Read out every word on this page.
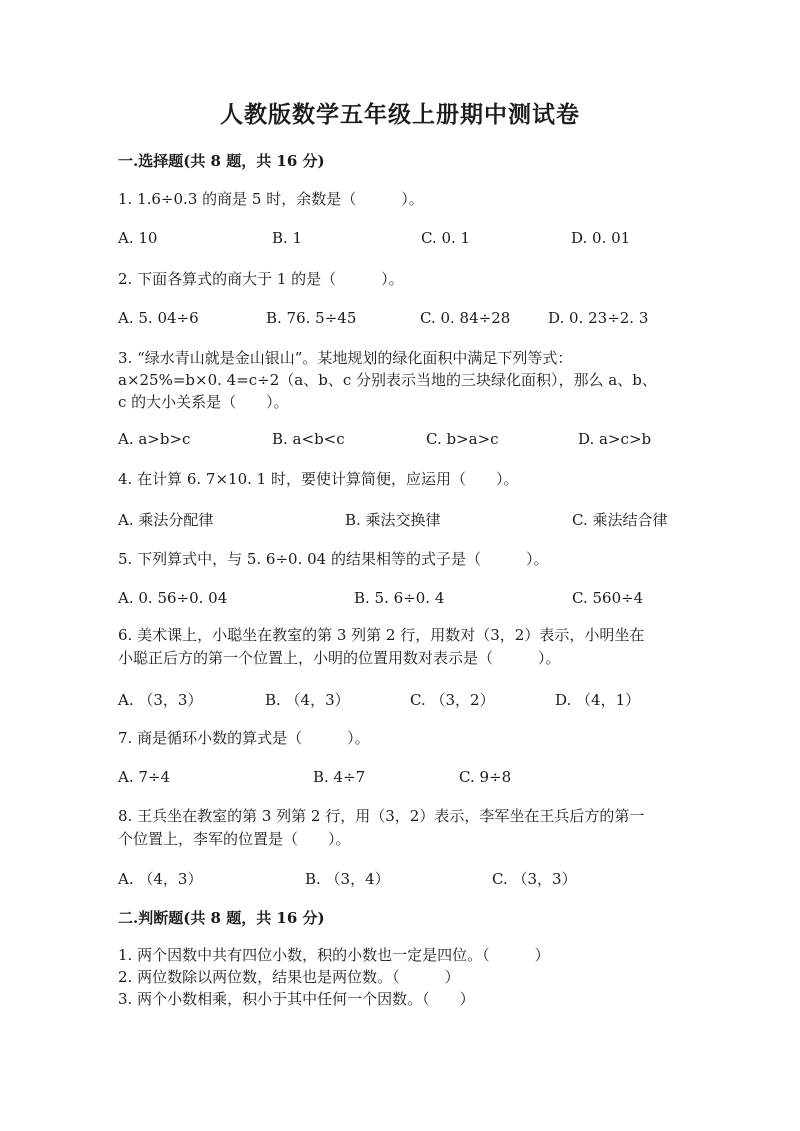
人教版数学五年级上册期中测试卷
一.选择题(共 8 题，共 16 分)
1. 1.6÷0.3 的商是 5 时，余数是（　　　）。
A. 10	B. 1	C. 0. 1	D. 0. 01
2. 下面各算式的商大于 1 的是（　　　）。
A. 5. 04÷6	B. 76. 5÷45	C. 0. 84÷28	D. 0. 23÷2. 3
3. “绿水青山就是金山银山”。某地规划的绿化面积中满足下列等式：
a×25%=b×0. 4=c÷2（a、b、c 分别表示当地的三块绿化面积），那么 a、b、
c 的大小关系是（　　）。
A. a>b>c	B. a<b<c	C. b>a>c	D. a>c>b
4. 在计算 6. 7×10. 1 时，要使计算简便，应运用（　　）。
A. 乘法分配律	B. 乘法交换律	C. 乘法结合律
5. 下列算式中，与 5. 6÷0. 04 的结果相等的式子是（　　　）。
A. 0. 56÷0. 04	B. 5. 6÷0. 4	C. 560÷4
6. 美术课上，小聪坐在教室的第 3 列第 2 行，用数对（3，2）表示，小明坐在
小聪正后方的第一个位置上，小明的位置用数对表示是（　　　）。
A. （3，3）	B. （4，3）	C. （3，2）	D. （4，1）
7. 商是循环小数的算式是（　　　）。
A. 7÷4	B. 4÷7	C. 9÷8
8. 王兵坐在教室的第 3 列第 2 行，用（3，2）表示，李军坐在王兵后方的第一
个位置上，李军的位置是（　　）。
A. （4，3）	B. （3，4）	C. （3，3）
二.判断题(共 8 题，共 16 分)
1. 两个因数中共有四位小数，积的小数也一定是四位。（　　　）
2. 两位数除以两位数，结果也是两位数。（　　　）
3. 两个小数相乘，积小于其中任何一个因数。（　　）
